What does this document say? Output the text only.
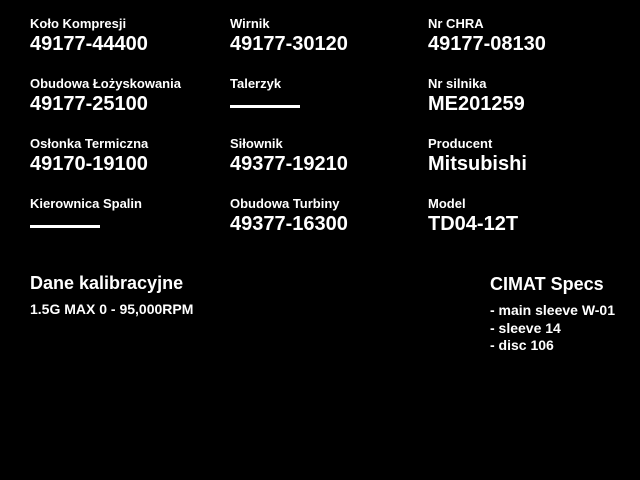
Koło Kompresji
49177-44400
Wirnik
49177-30120
Nr CHRA
49177-08130
Obudowa Łożyskowania
49177-25100
Talerzyk	Nr silnika
ME201259
Osłonka Termiczna
49170-19100
Siłownik
49377-19210
Producent
Mitsubishi
Kierownica Spalin	Obudowa Turbiny
49377-16300
Model
TD04-12T
Dane kalibracyjne
1.5G MAX 0 - 95,000RPM
CIMAT Specs
- main sleeve W-01
- sleeve 14
- disc 106
